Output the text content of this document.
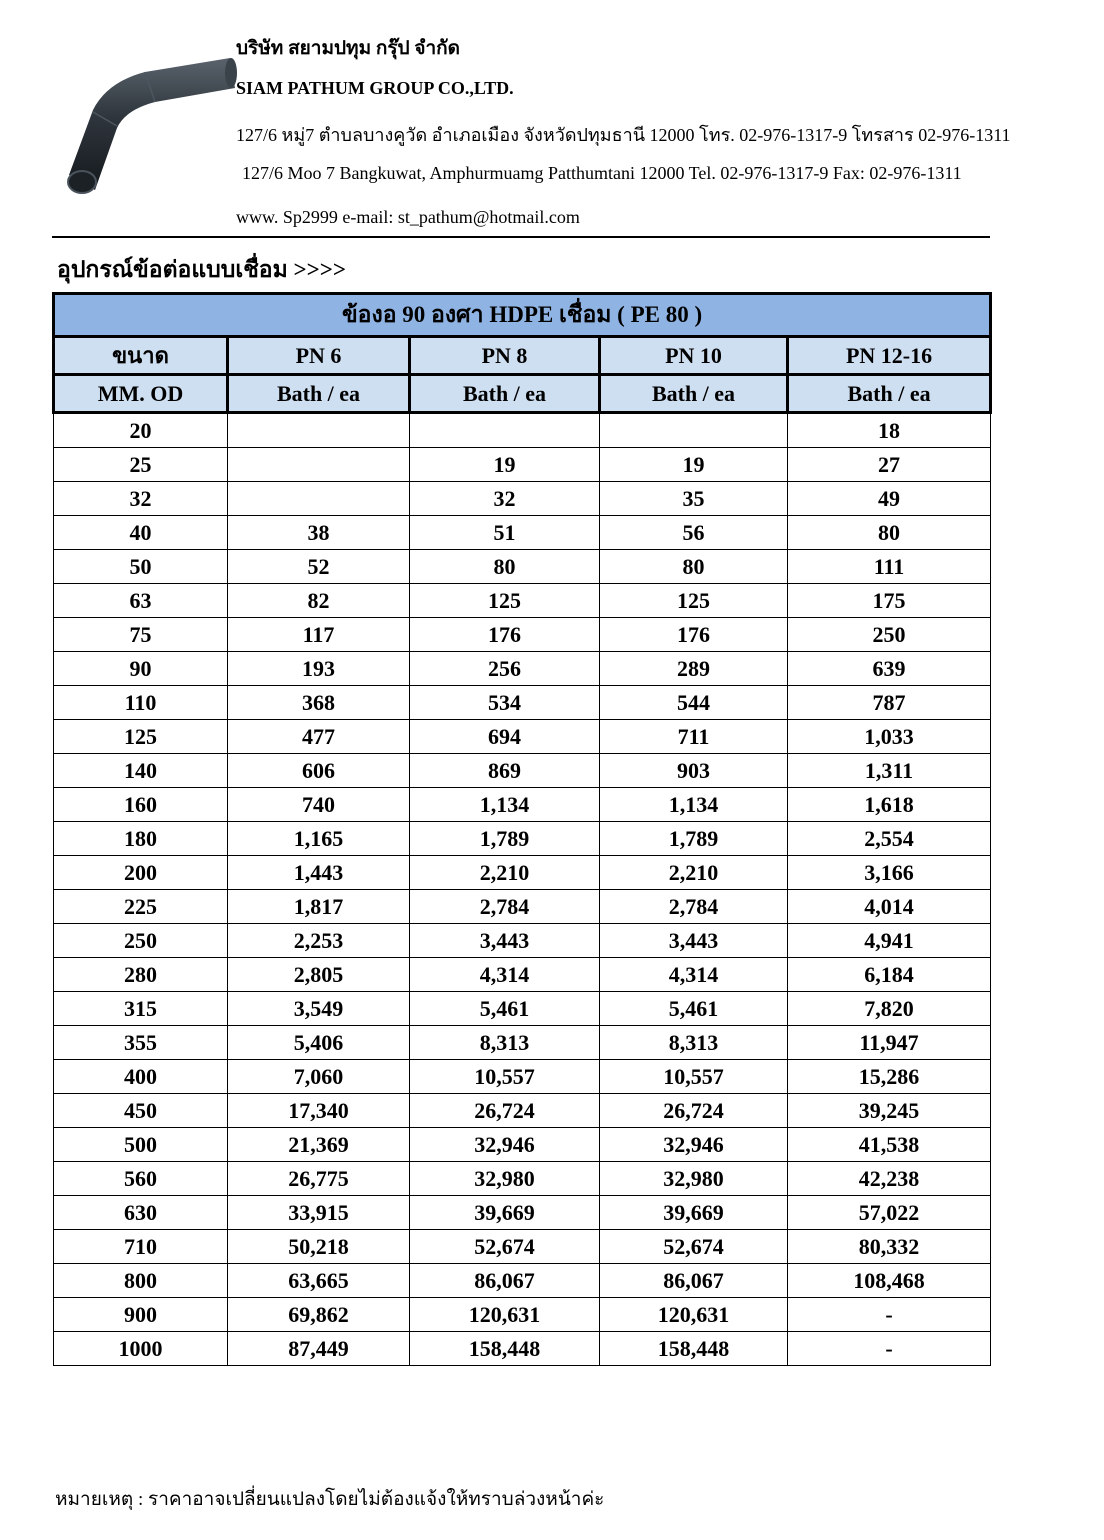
บริษัท สยามปทุม กรุ๊ป จำกัด
SIAM PATHUM GROUP CO.,LTD.
127/6 หมู่7 ตำบลบางคูวัด อำเภอเมือง จังหวัดปทุมธานี 12000 โทร. 02-976-1317-9 โทรสาร 02-976-1311
127/6 Moo 7 Bangkuwat, Amphurmuamg Patthumtani 12000 Tel. 02-976-1317-9 Fax: 02-976-1311
www. Sp2999 e-mail: st_pathum@hotmail.com
อุปกรณ์ข้อต่อแบบเชื่อม >>>>
ข้องอ 90 องศา HDPE เชื่อม ( PE 80 )				
ขนาด	PN 6	PN 8	PN 10	PN 12-16
MM. OD	Bath / ea	Bath / ea	Bath / ea	Bath / ea
20				18
25		19	19	27
32		32	35	49
40	38	51	56	80
50	52	80	80	111
63	82	125	125	175
75	117	176	176	250
90	193	256	289	639
110	368	534	544	787
125	477	694	711	1,033
140	606	869	903	1,311
160	740	1,134	1,134	1,618
180	1,165	1,789	1,789	2,554
200	1,443	2,210	2,210	3,166
225	1,817	2,784	2,784	4,014
250	2,253	3,443	3,443	4,941
280	2,805	4,314	4,314	6,184
315	3,549	5,461	5,461	7,820
355	5,406	8,313	8,313	11,947
400	7,060	10,557	10,557	15,286
450	17,340	26,724	26,724	39,245
500	21,369	32,946	32,946	41,538
560	26,775	32,980	32,980	42,238
630	33,915	39,669	39,669	57,022
710	50,218	52,674	52,674	80,332
800	63,665	86,067	86,067	108,468
900	69,862	120,631	120,631	-
1000	87,449	158,448	158,448	-
หมายเหตุ : ราคาอาจเปลี่ยนแปลงโดยไม่ต้องแจ้งให้ทราบล่วงหน้าค่ะ
